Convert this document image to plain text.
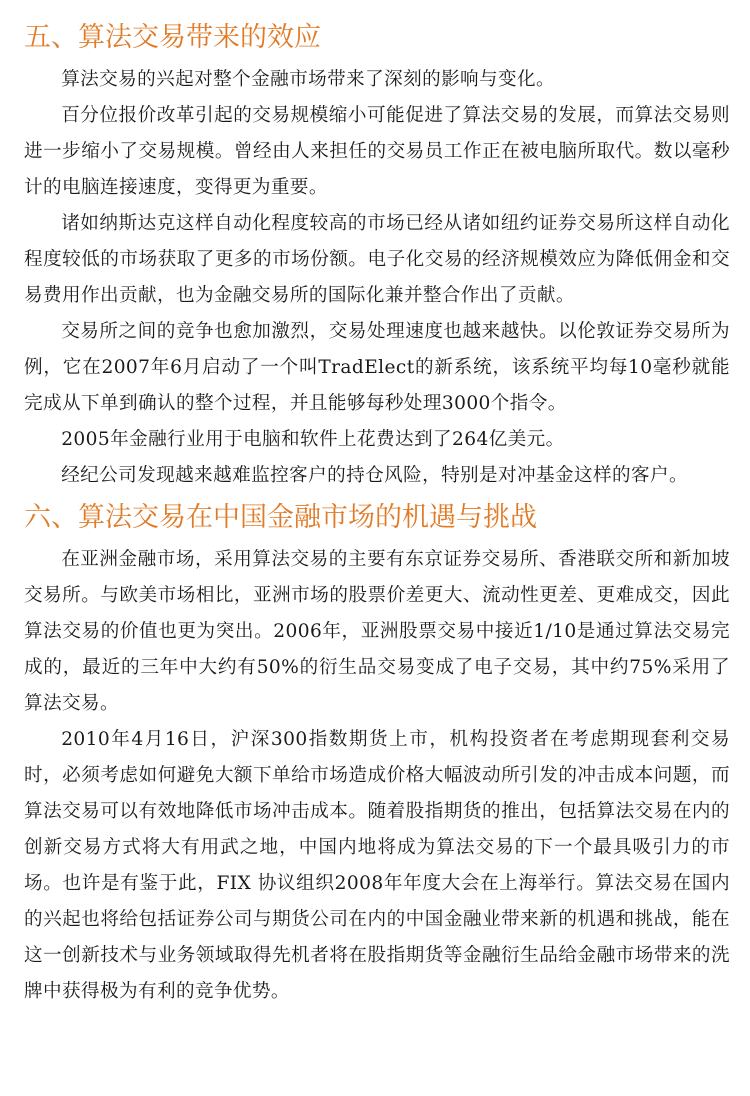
五、算法交易带来的效应

算法交易的兴起对整个金融市场带来了深刻的影响与变化。

百分位报价改革引起的交易规模缩小可能促进了算法交易的发展，而算法交易则进一步缩小了交易规模。曾经由人来担任的交易员工作正在被电脑所取代。数以毫秒计的电脑连接速度，变得更为重要。

诸如纳斯达克这样自动化程度较高的市场已经从诸如纽约证券交易所这样自动化程度较低的市场获取了更多的市场份额。电子化交易的经济规模效应为降低佣金和交易费用作出贡献，也为金融交易所的国际化兼并整合作出了贡献。

交易所之间的竞争也愈加激烈，交易处理速度也越来越快。以伦敦证券交易所为例，它在2007年6月启动了一个叫TradElect的新系统，该系统平均每10毫秒就能完成从下单到确认的整个过程，并且能够每秒处理3000个指令。

2005年金融行业用于电脑和软件上花费达到了264亿美元。

经纪公司发现越来越难监控客户的持仓风险，特别是对冲基金这样的客户。

六、算法交易在中国金融市场的机遇与挑战

在亚洲金融市场，采用算法交易的主要有东京证券交易所、香港联交所和新加坡交易所。与欧美市场相比，亚洲市场的股票价差更大、流动性更差、更难成交，因此算法交易的价值也更为突出。2006年，亚洲股票交易中接近1/10是通过算法交易完成的，最近的三年中大约有50%的衍生品交易变成了电子交易，其中约75%采用了算法交易。

2010年4月16日，沪深300指数期货上市，机构投资者在考虑期现套利交易时，必须考虑如何避免大额下单给市场造成价格大幅波动所引发的冲击成本问题，而算法交易可以有效地降低市场冲击成本。随着股指期货的推出，包括算法交易在内的创新交易方式将大有用武之地，中国内地将成为算法交易的下一个最具吸引力的市场。也许是有鉴于此，FIX 协议组织2008年年度大会在上海举行。算法交易在国内的兴起也将给包括证券公司与期货公司在内的中国金融业带来新的机遇和挑战，能在这一创新技术与业务领域取得先机者将在股指期货等金融衍生品给金融市场带来的洗牌中获得极为有利的竞争优势。
